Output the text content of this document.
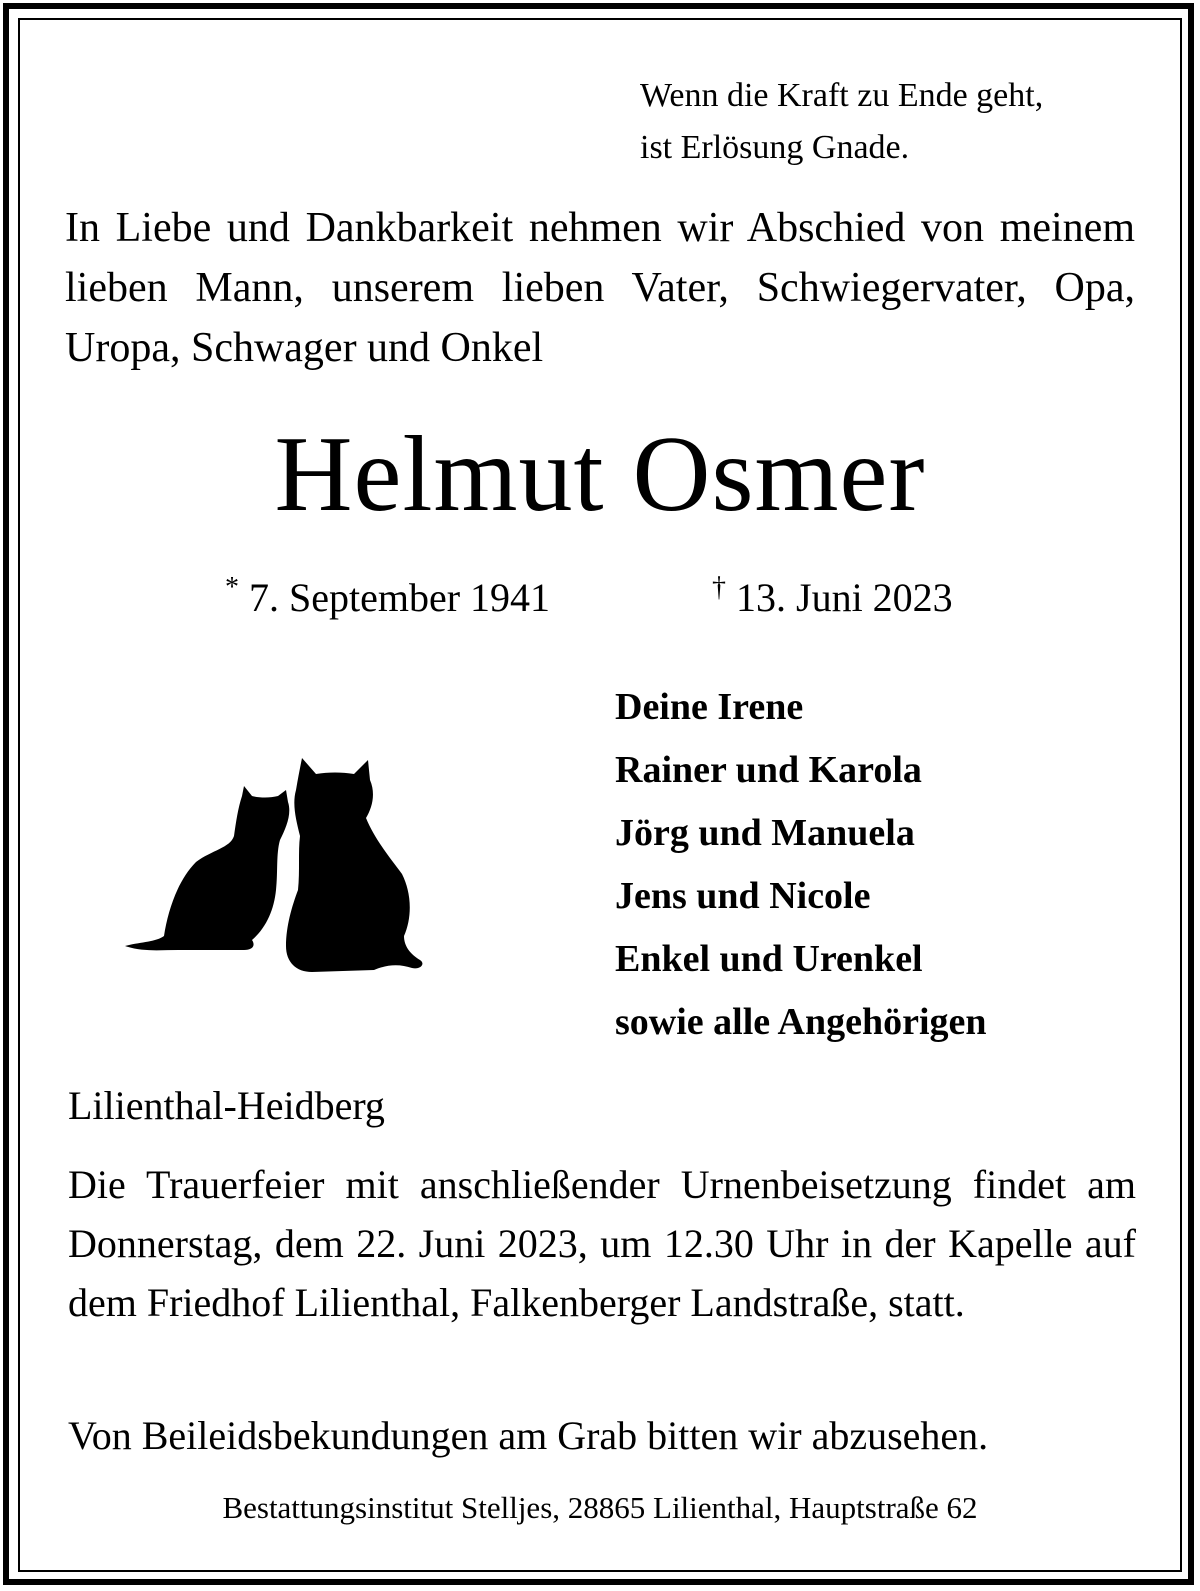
Wenn die Kraft zu Ende geht,
ist Erlösung Gnade.
In Liebe und Dankbarkeit nehmen wir Abschied von meinem lieben Mann, unserem lieben Vater, Schwiegervater, Opa, Uropa, Schwager und Onkel
Helmut Osmer
* 7. September 1941	† 13. Juni 2023
Deine Irene
Rainer und Karola
Jörg und Manuela
Jens und Nicole
Enkel und Urenkel
sowie alle Angehörigen
Lilienthal-Heidberg
Die Trauerfeier mit anschließender Urnenbeisetzung findet am Donnerstag, dem 22. Juni 2023, um 12.30 Uhr in der Kapelle auf dem Friedhof Lilienthal, Falkenberger Landstraße, statt.
Von Beileidsbekundungen am Grab bitten wir abzusehen.
Bestattungsinstitut Stelljes, 28865 Lilienthal, Hauptstraße 62
